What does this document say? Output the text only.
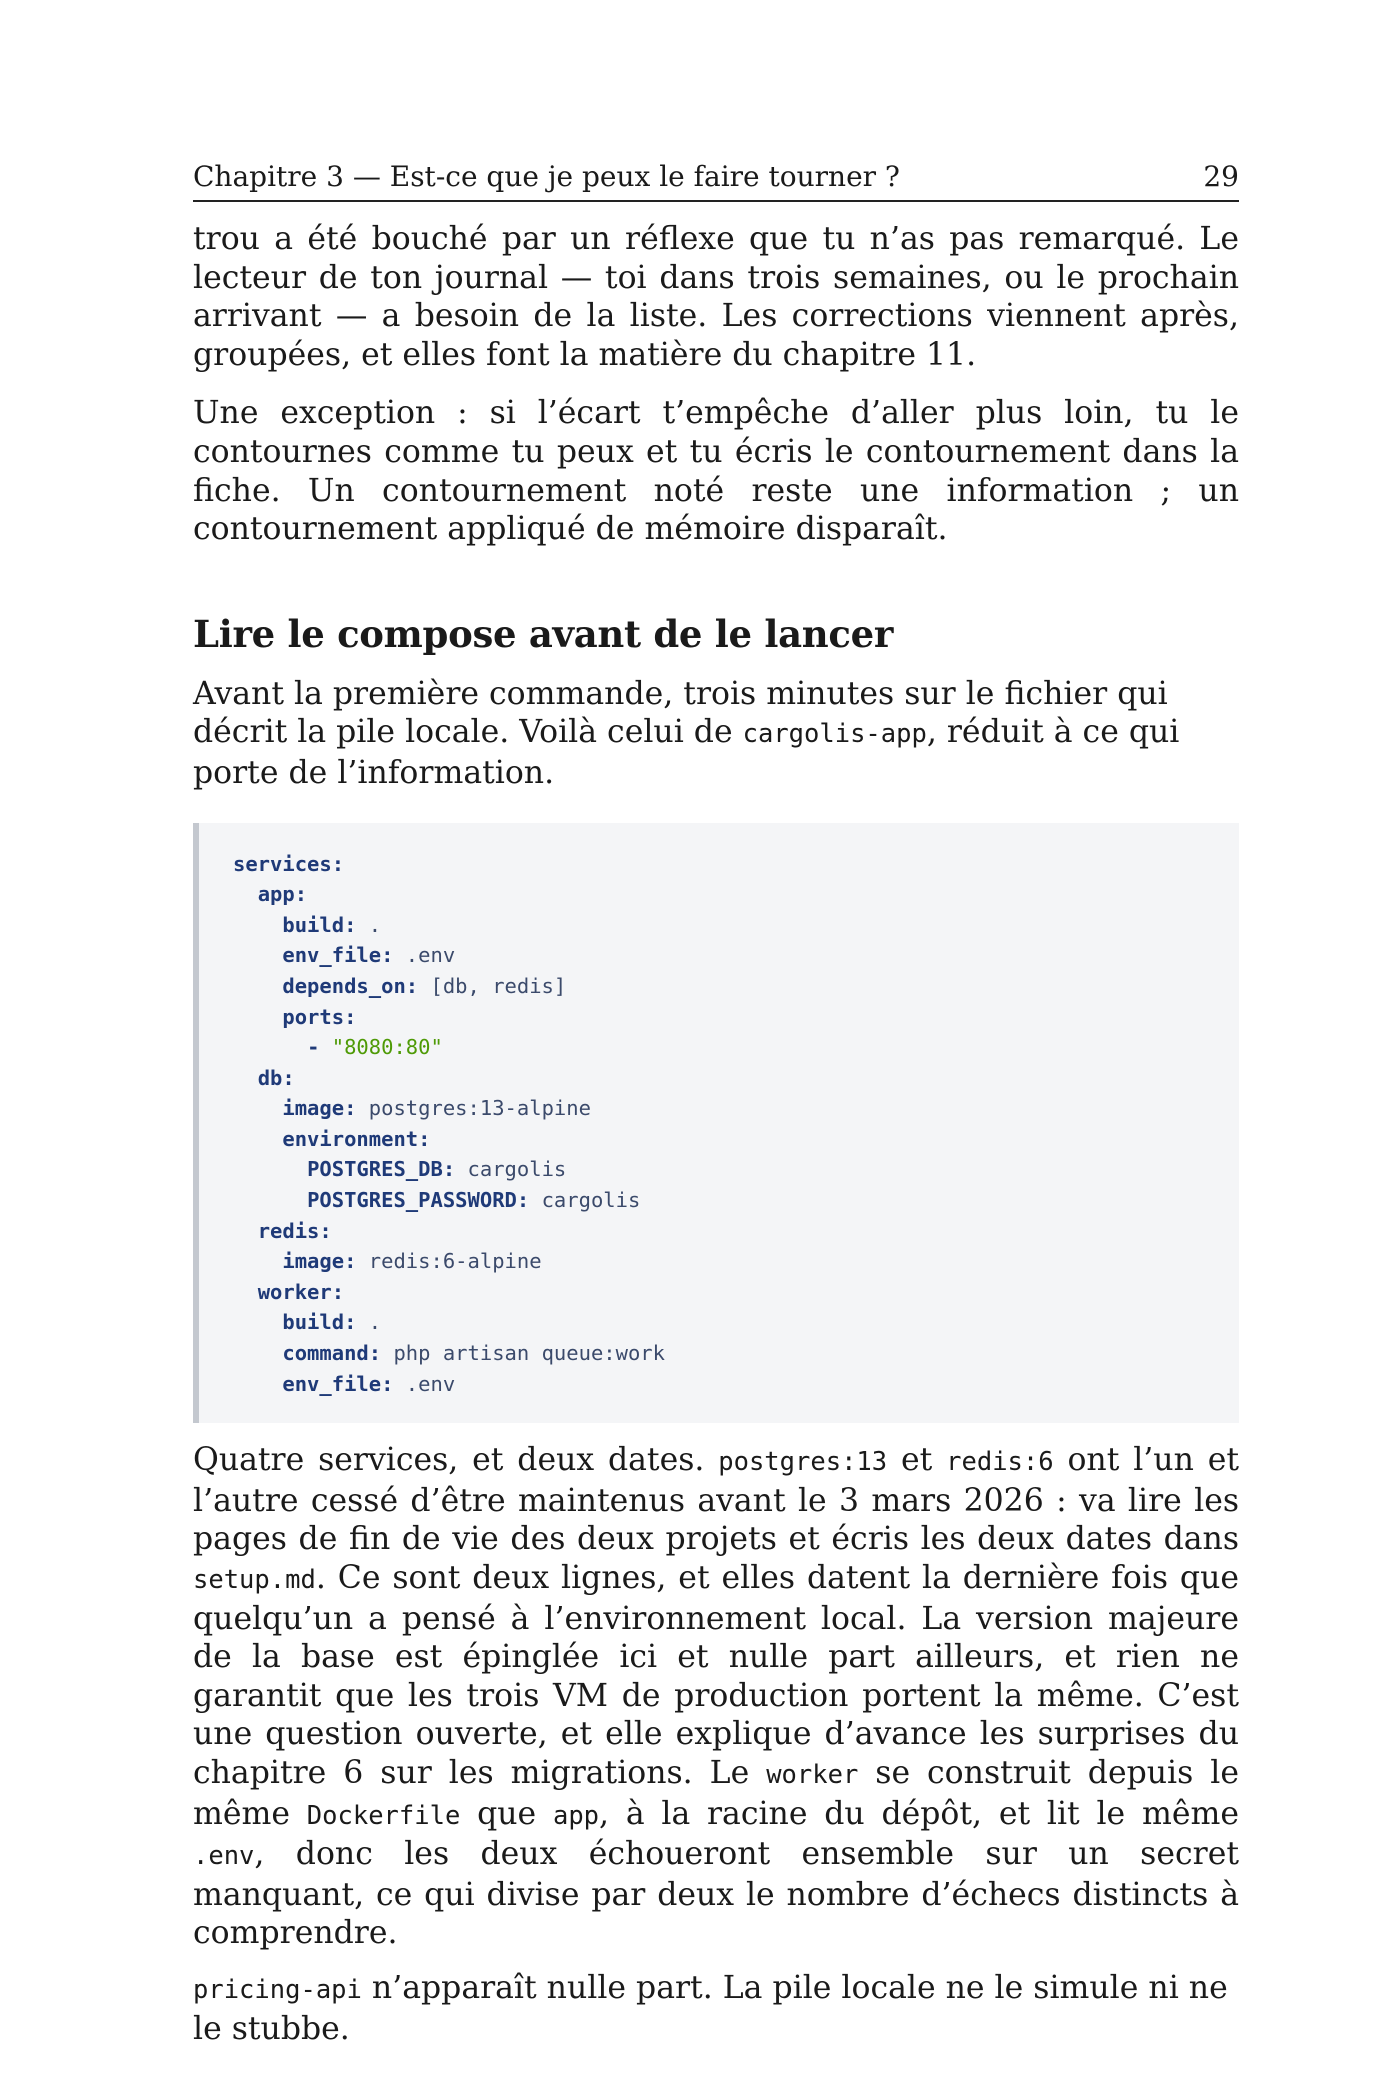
Chapitre 3 — Est-ce que je peux le faire tourner ?	29

trou a été bouché par un réflexe que tu n’as pas remarqué. Le lecteur de ton journal — toi dans trois semaines, ou le prochain arrivant — a besoin de la liste. Les corrections viennent après, groupées, et elles font la matière du chapitre 11.

Une exception : si l’écart t’empêche d’aller plus loin, tu le contournes comme tu peux et tu écris le contournement dans la fiche. Un contournement noté reste une information ; un contournement appliqué de mémoire disparaît.

Lire le compose avant de le lancer

Avant la première commande, trois minutes sur le fichier qui décrit la pile locale. Voilà celui de cargolis-app, réduit à ce qui porte de l’information.

services:
app:
build: .
env_file: .env
depends_on: [db, redis]
ports:
- "8080:80"
db:
image: postgres:13-alpine
environment:
POSTGRES_DB: cargolis
POSTGRES_PASSWORD: cargolis
redis:
image: redis:6-alpine
worker:
build: .
command: php artisan queue:work
env_file: .env

Quatre services, et deux dates. postgres:13 et redis:6 ont l’un et l’autre cessé d’être maintenus avant le 3 mars 2026 : va lire les pages de fin de vie des deux projets et écris les deux dates dans setup.md. Ce sont deux lignes, et elles datent la dernière fois que quelqu’un a pensé à l’environnement local. La version majeure de la base est épinglée ici et nulle part ailleurs, et rien ne garantit que les trois VM de production portent la même. C’est une question ouverte, et elle explique d’avance les surprises du chapitre 6 sur les migrations. Le worker se construit depuis le même Dockerfile que app, à la racine du dépôt, et lit le même .env, donc les deux échoueront ensemble sur un secret manquant, ce qui divise par deux le nombre d’échecs distincts à comprendre.

pricing-api n’apparaît nulle part. La pile locale ne le simule ni ne le stubbe.
